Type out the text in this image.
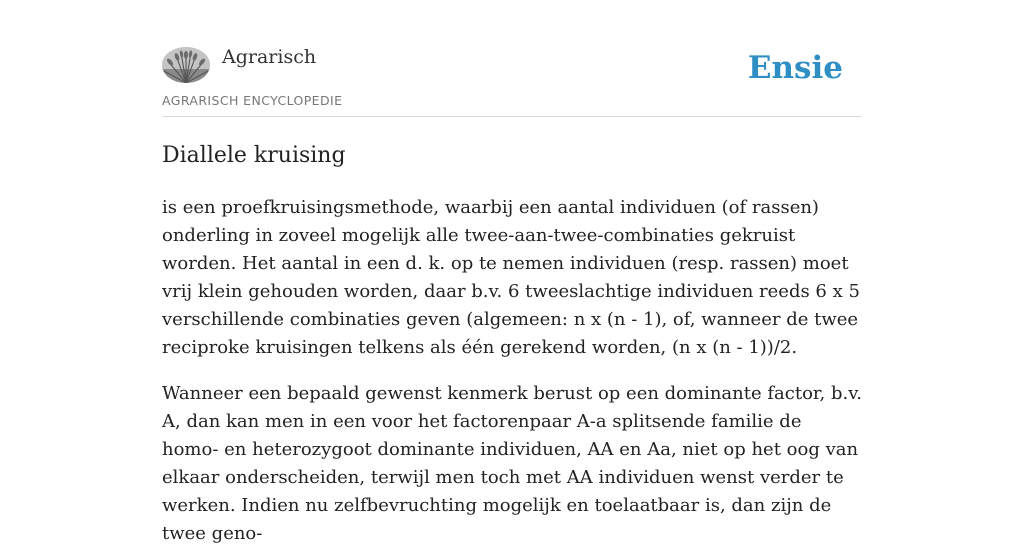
Agrarisch
AGRARISCH ENCYCLOPEDIE
Ensie
Diallele kruising

is een proefkruisingsmethode, waarbij een aantal individuen (of rassen) onderling in zoveel mogelijk alle twee-aan-twee-combinaties gekruist worden. Het aantal in een d. k. op te nemen individuen (resp. rassen) moet vrij klein gehouden worden, daar b.v. 6 tweeslachtige individuen reeds 6 x 5 verschillende combinaties geven (algemeen: n x (n - 1), of, wanneer de twee reciproke kruisingen telkens als één gerekend worden, (n x (n - 1))/2.

Wanneer een bepaald gewenst kenmerk berust op een dominante factor, b.v. A, dan kan men in een voor het factorenpaar A-a splitsende familie de homo- en heterozygoot dominante individuen, AA en Aa, niet op het oog van elkaar onderscheiden, terwijl men toch met AA individuen wenst verder te werken. Indien nu zelfbevruchting mogelijk en toelaatbaar is, dan zijn de twee geno-
